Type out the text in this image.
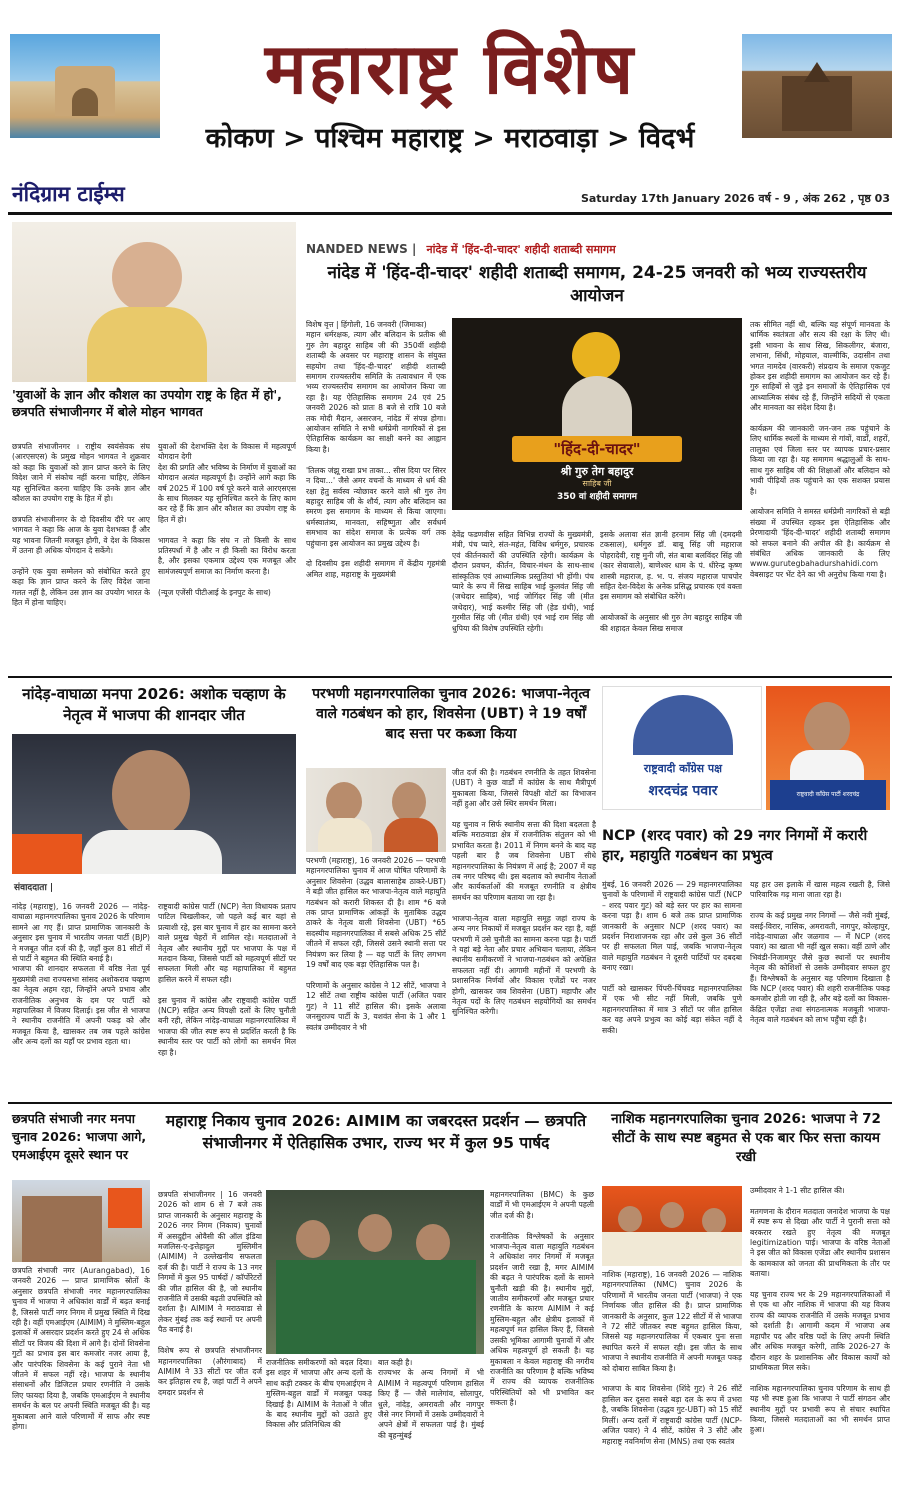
महाराष्ट्र विशेष
कोकण > पश्चिम महाराष्ट्र > मराठवाड़ा > विदर्भ
नंदिग्राम टाईम्स	Saturday 17th January 2026 वर्ष - 9 , अंक 262 , पृष्ठ 03
'युवाओं के ज्ञान और कौशल का उपयोग राष्ट्र के हित में हो', छत्रपति संभाजीनगर में बोले मोहन भागवत
छत्रपति संभाजीनगर । राष्ट्रीय स्वयंसेवक संघ (आरएसएस) के प्रमुख मोहन भागवत ने शुक्रवार को कहा कि युवाओं को ज्ञान प्राप्त करने के लिए विदेश जाने में संकोच नहीं करना चाहिए, लेकिन यह सुनिश्चित करना चाहिए कि उनके ज्ञान और कौशल का उपयोग राष्ट्र के हित में हो।

छत्रपति संभाजीनगर के दो दिवसीय दौरे पर आए भागवत ने कहा कि आज के युवा देशभक्त हैं और यह भावना जितनी मजबूत होगी, वे देश के विकास में उतना ही अधिक योगदान दे सकेंगे।

उन्होंने एक युवा सम्मेलन को संबोधित करते हुए कहा कि ज्ञान प्राप्त करने के लिए विदेश जाना गलत नहीं है, लेकिन उस ज्ञान का उपयोग भारत के हित में होना चाहिए।
युवाओं की देशभक्ति देश के विकास में महत्वपूर्ण योगदान देगी
देश की प्रगति और भविष्य के निर्माण में युवाओं का योगदान अत्यंत महत्वपूर्ण है। उन्होंने आगे कहा कि वर्ष 2025 में 100 वर्ष पूरे करने वाले आरएसएस के साथ मिलकर यह सुनिश्चित करने के लिए काम कर रहे हैं कि ज्ञान और कौशल का उपयोग राष्ट्र के हित में हो।

भागवत ने कहा कि संघ न तो किसी के साथ प्रतिस्पर्धा में है और न ही किसी का विरोध करता है, और इसका एकमात्र उद्देश्य एक मजबूत और सामंजस्यपूर्ण समाज का निर्माण करना है।

(न्यूज एजेंसी पीटीआई के इनपुट के साथ)
NANDED NEWS | नांदेड में 'हिंद-दी-चादर' शहीदी शताब्दी समागम
नांदेड में 'हिंद-दी-चादर' शहीदी शताब्दी समागम, 24-25 जनवरी को भव्य राज्यस्तरीय आयोजन
विशेष वृत्त | हिंगोली, 16 जनवरी (जिमाका)
महान धर्मरक्षक, त्याग और बलिदान के प्रतीक श्री गुरु तेग बहादुर साहिब जी की 350वीं शहीदी शताब्दी के अवसर पर महाराष्ट्र शासन के संयुक्त सहयोग तथा 'हिंद-दी-चादर' शहीदी शताब्दी समागम राज्यस्तरीय समिति के तत्वावधान में एक भव्य राज्यस्तरीय समागम का आयोजन किया जा रहा है। यह ऐतिहासिक समागम 24 एवं 25 जनवरी 2026 को प्रातः 8 बजे से रात्रि 10 बजे तक मोदी मैदान, असरजन, नांदेड में संपन्न होगा। आयोजन समिति ने सभी धर्मप्रेमी नागरिकों से इस ऐतिहासिक कार्यक्रम का साक्षी बनने का आह्वान किया है।

'तिलक जंझू राखा प्रभ ताका... सीस दिया पर सिरर न दिया...' जैसे अमर वचनों के माध्यम से धर्म की रक्षा हेतु सर्वस्व न्योछावर करने वाले श्री गुरु तेग बहादुर साहिब जी के शौर्य, त्याग और बलिदान का स्मरण इस समागम के माध्यम से किया जाएगा। धर्मस्वातंत्र्य, मानवता, सहिष्णुता और सर्वधर्म समभाव का संदेश समाज के प्रत्येक वर्ग तक पहुंचाना इस आयोजन का प्रमुख उद्देश्य है।

दो दिवसीय इस शहीदी समागम में केंद्रीय गृहमंत्री अमित शाह, महाराष्ट्र के मुख्यमंत्री
"हिंद-दी-चादर"
श्री गुरु तेग बहादुर
साहिब जी
350 वां शहीदी समागम
देवेंद्र फडणवीस सहित विभिन्न राज्यों के मुख्यमंत्री, मंत्री, पंच प्यारे, संत-महंत, विविध धर्मगुरु, प्रचारक एवं कीर्तनकारों की उपस्थिति रहेगी। कार्यक्रम के दौरान प्रवचन, कीर्तन, विचार-मंथन के साथ-साथ सांस्कृतिक एवं आध्यात्मिक प्रस्तुतियां भी होंगी। पंच प्यारे के रूप में सिख साहिब भाई कुलवंत सिंह जी (जथेदार साहिब), भाई जोगिंदर सिंह जी (मीत जथेदार), भाई कश्मीर सिंह जी (हेड ग्रंथी), भाई गुरमीत सिंह जी (मीत ग्रंथी) एवं भाई राम सिंह जी धुपिया की विशेष उपस्थिति रहेगी।
इसके अलावा संत ज्ञानी हरनाम सिंह जी (दमदमी टकसाल), धर्मगुरु डॉ. बाबू सिंह जी महाराज पोहरादेवी, राष्ट्र मुनी जी, संत बाबा बलविंदर सिंह जी (कार सेवावाले), बाणेश्वर धाम के पं. धीरेन्द्र कृष्ण शास्त्री महाराज, ह. भ. प. संजय महाराज पाचपोर सहित देश-विदेश के अनेक प्रसिद्ध प्रचारक एवं वक्ता इस समागम को संबोधित करेंगे।

आयोजकों के अनुसार श्री गुरु तेग बहादुर साहिब जी की शहादत केवल सिख समाज
तक सीमित नहीं थी, बल्कि यह संपूर्ण मानवता के धार्मिक स्वतंत्रता और सत्य की रक्षा के लिए थी। इसी भावना के साथ सिख, सिकलीगर, बंजारा, लभाना, सिंधी, मोहयाल, वाल्मीकि, उदासीन तथा भगत नामदेव (वारकरी) संप्रदाय के समाज एकजुट होकर इस शहीदी समागम का आयोजन कर रहे हैं। गुरु साहिबों से जुड़े इन समाजों के ऐतिहासिक एवं आध्यात्मिक संबंध रहे हैं, जिन्होंने सदियों से एकता और मानवता का संदेश दिया है।

कार्यक्रम की जानकारी जन-जन तक पहुंचाने के लिए धार्मिक स्थलों के माध्यम से गांवों, वार्डों, शहरों, तालुका एवं जिला स्तर पर व्यापक प्रचार-प्रसार किया जा रहा है। यह समागम श्रद्धालुओं के साथ-साथ गुरु साहिब जी की शिक्षाओं और बलिदान को भावी पीढ़ियों तक पहुंचाने का एक सशक्त प्रयास है।

आयोजन समिति ने समस्त धर्मप्रेमी नागरिकों से बड़ी संख्या में उपस्थित रहकर इस ऐतिहासिक और प्रेरणादायी 'हिंद-दी-चादर' शहीदी शताब्दी समागम को सफल बनाने की अपील की है। कार्यक्रम से संबंधित अधिक जानकारी के लिए www.gurutegbahadurshahidi.com वेबसाइट पर भेंट देने का भी अनुरोध किया गया है।
नांदेड़-वाघाळा मनपा 2026: अशोक चव्हाण के नेतृत्व में भाजपा की शानदार जीत
संवाददाता |
नांदेड़ (महाराष्ट्र), 16 जनवरी 2026 — नांदेड़-वाघाळा महानगरपालिका चुनाव 2026 के परिणाम सामने आ गए हैं। प्राप्त प्रामाणिक जानकारी के अनुसार इस चुनाव में भारतीय जनता पार्टी (BJP) ने मजबूत जीत दर्ज की है, जहाँ कुल 81 सीटों में से पार्टी ने बहुमत की स्थिति बनाई है।
भाजपा की शानदार सफलता में वरिष्ठ नेता पूर्व मुख्यमंत्री तथा राज्यसभा सांसद अशोकराव चव्हाण का नेतृत्व अहम रहा, जिन्होंने अपने प्रभाव और राजनीतिक अनुभव के दम पर पार्टी को महापालिका में विजय दिलाई। इस जीत से भाजपा ने स्थानीय राजनीति में अपनी पकड़ को और मजबूत किया है, खासकर तब जब पहले कांग्रेस और अन्य दलों का यहाँ पर प्रभाव रहता था।
राष्ट्रवादी कांग्रेस पार्टी (NCP) नेता विधायक प्रताप पाटिल चिखलीकर, जो पहले कई बार यहां से प्रत्याशी रहे, इस बार चुनाव में हार का सामना करने वाले प्रमुख चेहरों में शामिल रहे। मतदाताओं ने नेतृत्व और स्थानीय मुद्दों पर भाजपा के पक्ष में मतदान किया, जिससे पार्टी को महत्वपूर्ण सीटों पर सफलता मिली और यह महापालिका में बहुमत हासिल करने में सफल रही।

इस चुनाव में कांग्रेस और राष्ट्रवादी कांग्रेस पार्टी (NCP) सहित अन्य विपक्षी दलों के लिए चुनौती बनी रही, लेकिन नांदेड़-वाघाळा महानगरपालिका में भाजपा की जीत स्पष्ट रूप से प्रदर्शित करती है कि स्थानीय स्तर पर पार्टी को लोगों का समर्थन मिल रहा है।
परभणी महानगरपालिका चुनाव 2026: भाजपा-नेतृत्व वाले गठबंधन को हार, शिवसेना (UBT) ने 19 वर्षों बाद सत्ता पर कब्जा किया
परभणी (महाराष्ट्र), 16 जनवरी 2026 — परभणी महानगरपालिका चुनाव में आज घोषित परिणामों के अनुसार शिवसेना (उद्धव बालासाहेब ठाकरे-UBT) ने बड़ी जीत हासिल कर भाजपा-नेतृत्व वाले महायुति गठबंधन को करारी शिकस्त दी है। शाम *6 बजे तक प्राप्त प्रामाणिक आंकड़ों के मुताबिक उद्धव ठाकरे के नेतृत्व वाली शिवसेना (UBT) *65 सदस्यीय महानगरपालिका में सबसे अधिक 25 सीटें जीतने में सफल रही, जिससे उसने स्थानी सत्ता पर नियंत्रण कर लिया है — यह पार्टी के लिए लगभग 19 वर्षों बाद एक बड़ा ऐतिहासिक पल है।

परिणामों के अनुसार कांग्रेस ने 12 सीटें, भाजपा ने 12 सीटें तथा राष्ट्रीय कांग्रेस पार्टी (अजित पवार गुट) ने 11 सीटें हासिल की। इसके अलावा जनसुराज्य पार्टी के 3, यशवंत सेना के 1 और 1 स्वतंत्र उम्मीदवार ने भी
जीत दर्ज की है। गठबंधन रणनीति के तहत शिवसेना (UBT) ने कुछ वार्डों में कांग्रेस के साथ मैत्रीपूर्ण मुकाबला किया, जिससे विपक्षी वोटों का विभाजन नहीं हुआ और उसे स्थिर समर्थन मिला।

यह चुनाव न सिर्फ स्थानीय सत्ता की दिशा बदलता है बल्कि मराठवाडा क्षेत्र में राजनीतिक संतुलन को भी प्रभावित करता है। 2011 में निगम बनने के बाद यह पहली बार है जब शिवसेना UBT सीधे महानगरपालिका के नियंत्रण में आई है; 2007 में यह तब नगर परिषद थी। इस बदलाव को स्थानीय नेताओं और कार्यकर्ताओं की मजबूत रणनीति व क्षेत्रीय समर्थन का परिणाम बताया जा रहा है।

भाजपा-नेतृत्व वाला महायुति समूह जहां राज्य के अन्य नगर निकायों में मजबूत प्रदर्शन कर रहा है, वहीं परभणी में उसे चुनौती का सामना करना पड़ा है। पार्टी ने यहां बड़े नेता और प्रचार अभियान चलाया, लेकिन स्थानीय समीकरणों ने भाजपा-गठबंधन को अपेक्षित सफलता नहीं दी। आगामी महीनों में परभणी के प्रशासनिक निर्णयों और विकास एजेंडों पर नजर होगी, खासकर जब शिवसेना (UBT) महापौर और नेतृत्व पदों के लिए गठबंधन सहयोगियों का समर्थन सुनिश्चित करेगी।
राष्ट्रवादी काँग्रेस पक्ष
शरदचंद्र पवार	राष्ट्रवादी काँग्रेस पार्टी शरदचंद्र
NCP (शरद पवार) को 29 नगर निगमों में करारी हार, महायुति गठबंधन का प्रभुत्व
मुंबई, 16 जनवरी 2026 — 29 महानगरपालिका चुनावों के परिणामों में राष्ट्रवादी कांग्रेस पार्टी (NCP – शरद पवार गुट) को बड़े स्तर पर हार का सामना करना पड़ा है। शाम 6 बजे तक प्राप्त प्रामाणिक जानकारी के अनुसार NCP (शरद पवार) का प्रदर्शन निराशाजनक रहा और उसे कुल 36 सीटों पर ही सफलता मिल पाई, जबकि भाजपा-नेतृत्व वाले महायुति गठबंधन ने दूसरी पार्टियों पर दबदबा बनाए रखा।

पार्टी को खासकर पिंपरी-चिंचवड महानगरपालिका में एक भी सीट नहीं मिली, जबकि पुणे महानगरपालिका में मात्र 3 सीटों पर जीत हासिल कर वह अपने प्रभुत्व का कोई बड़ा संकेत नहीं दे सकी।
यह हार उस इलाके में खास महत्व रखती है, जिसे पारिवारिक गढ़ माना जाता रहा है।

राज्य के कई प्रमुख नगर निगमों — जैसे नवी मुंबई, वसई-विरार, नासिक, अमरावती, नागपुर, कोल्हापुर, नांदेड़-वाघाळा और जळगाव — में NCP (शरद पवार) का खाता भी नहीं खुल सका। वहीं ठाणे और भिवंडी-निजामपुर जैसे कुछ स्थानों पर स्थानीय नेतृत्व की कोशिशों से उसके उम्मीदवार सफल हुए हैं। विश्लेषकों के अनुसार यह परिणाम दिखाता है कि NCP (शरद पवार) की शहरी राजनीतिक पकड़ कमजोर होती जा रही है, और बड़े दलों का विकास-केंद्रित एजेंडा तथा संगठनात्मक मजबूती भाजपा-नेतृत्व वाले गठबंधन को लाभ पहुँचा रही है।
छत्रपति संभाजी नगर मनपा चुनाव 2026: भाजपा आगे, एमआईएम दूसरे स्थान पर
छत्रपति संभाजी नगर (Aurangabad), 16 जनवरी 2026 — प्राप्त प्रामाणिक स्रोतों के अनुसार छत्रपति संभाजी नगर महानगरपालिका चुनाव में भाजपा ने अधिकांश वार्डों में बढ़त बनाई है, जिससे पार्टी नगर निगम में प्रमुख स्थिति में दिख रही है। वहीं एमआईएम (AIMIM) ने मुस्लिम-बहुल इलाकों में असरदार प्रदर्शन करते हुए 24 से अधिक सीटों पर विजय की दिशा में आगे है। दोनों शिवसेना गुटों का प्रभाव इस बार कमजोर नजर आया है, और पारंपरिक शिवसेना के कई पुराने नेता भी जीतने में सफल नहीं रहे। भाजपा के स्थानीय संसाधनों और डिजिटल प्रचार रणनीति ने उसके लिए फायदा दिया है, जबकि एमआईएम ने स्थानीय समर्थन के बल पर अपनी स्थिति मजबूत की है। यह मुकाबला आने वाले परिणामों में साफ और स्पष्ट होगा।
महाराष्ट्र निकाय चुनाव 2026: AIMIM का जबरदस्त प्रदर्शन — छत्रपति संभाजीनगर में ऐतिहासिक उभार, राज्य भर में कुल 95 पार्षद
छत्रपति संभाजीनगर | 16 जनवरी 2026 को शाम 6 से 7 बजे तक प्राप्त जानकारी के अनुसार महाराष्ट्र के 2026 नगर निगम (निकाय) चुनावों में असदुद्दीन ओवैसी की ऑल इंडिया मजलिस-ए-इत्तेहादुल मुस्लिमीन (AIMIM) ने उल्लेखनीय सफलता दर्ज की है। पार्टी ने राज्य के 13 नगर निगमों में कुल 95 पार्षदों / कॉर्पोरेटरों की जीत हासिल की है, जो स्थानीय राजनीति में उसकी बढ़ती उपस्थिति को दर्शाता है। AIMIM ने मराठवाडा से लेकर मुंबई तक कई स्थानों पर अपनी पैठ बनाई है।

विशेष रूप से छत्रपति संभाजीनगर महानगरपालिका (औरंगाबाद) में AIMIM ने 33 सीटों पर जीत दर्ज कर इतिहास रच है, जहां पार्टी ने अपने दमदार प्रदर्शन से
राजनीतिक समीकरणों को बदल दिया। इस शहर में भाजपा और अन्य दलों के साथ कड़ी टक्कर के बीच एमआईएम ने मुस्लिम-बहुल वार्डों में मजबूत पकड़ दिखाई है। AIMIM के नेताओं ने जीत के बाद स्थानीय मुद्दों को उठाते हुए विकास और प्रतिनिधित्व की
बात कही है।
राज्यभर के अन्य निगमों में भी AIMIM ने महत्वपूर्ण परिणाम हासिल किए हैं — जैसे मालेगांव, सोलापुर, धुले, नांदेड़, अमरावती और नागपुर जैसे नगर निगमों में उसके उम्मीदवारों ने अपने क्षेत्रों में सफलता पाई है। मुंबई की बृहन्मुंबई
महानगरपालिका (BMC) के कुछ वार्डों में भी एमआईएम ने अपनी पहली जीत दर्ज की है।

राजनीतिक विश्लेषकों के अनुसार भाजपा-नेतृत्व वाला महायुति गठबंधन ने अधिकांश नगर निगमों में मजबूत प्रदर्शन जारी रखा है, मगर AIMIM की बढ़त ने पारंपरिक दलों के सामने चुनौती खड़ी की है। स्थानीय मुद्दों, जातीय समीकरणों और मजबूत प्रचार रणनीति के कारण AIMIM ने कई मुस्लिम-बहुल और क्षेत्रीय इलाकों में महत्वपूर्ण मत हासिल किए हैं, जिससे उसकी भूमिका आगामी चुनावों में और अधिक महत्वपूर्ण हो सकती है। यह मुकाबला न केवल महाराष्ट्र की नगरीय राजनीति का परिणाम है बल्कि भविष्य में राज्य की व्यापक राजनीतिक परिस्थितियों को भी प्रभावित कर सकता है।
नाशिक महानगरपालिका चुनाव 2026: भाजपा ने 72 सीटों के साथ स्पष्ट बहुमत से एक बार फिर सत्ता कायम रखी
नाशिक (महाराष्ट्र), 16 जनवरी 2026 — नाशिक महानगरपालिका (NMC) चुनाव 2026 के परिणामों में भारतीय जनता पार्टी (भाजपा) ने एक निर्णायक जीत हासिल की है। प्राप्त प्रामाणिक जानकारी के अनुसार, कुल 122 सीटों में से भाजपा ने 72 सीटें जीतकर स्पष्ट बहुमत हासिल किया, जिससे यह महानगरपालिका में एकबार पुनः सत्ता स्थापित करने में सफल रही। इस जीत के साथ भाजपा ने स्थानीय राजनीति में अपनी मजबूत पकड़ को दोबारा साबित किया है।

भाजपा के बाद शिवसेना (शिंदे गुट) ने 26 सीटें हासिल कर दूसरा सबसे बड़ा दल के रूप में उभरा है, जबकि शिवसेना (उद्धव गुट-UBT) को 15 सीटें मिलीं। अन्य दलों में राष्ट्रवादी कांग्रेस पार्टी (NCP-अजित पवार) ने 4 सीटें, कांग्रेस ने 3 सीटें और महाराष्ट्र नवनिर्माण सेना (MNS) तथा एक स्वतंत्र
उम्मीदवार ने 1-1 सीट हासिल की।

मतगणना के दौरान मतदाता जनादेश भाजपा के पक्ष में स्पष्ट रूप से दिखा और पार्टी ने पुरानी सत्ता को बरकरार रखते हुए नेतृत्व की मजबूत legitimization पाई। भाजपा के वरिष्ठ नेताओं ने इस जीत को विकास एजेंडा और स्थानीय प्रशासन के कामकाज को जनता की प्राथमिकता के तौर पर बताया।

यह चुनाव राज्य भर के 29 महानगरपालिकाओं में से एक था और नाशिक में भाजपा की यह विजय राज्य की व्यापक राजनीति में उसके मजबूत प्रभाव को दर्शाती है। आगामी कदम में भाजपा अब महापौर पद और वरिष्ठ पदों के लिए अपनी स्थिति और अधिक मजबूत करेगी, ताकि 2026-27 के दौरान शहर के प्रशासनिक और विकास कार्यों को प्राथमिकता मिल सके।

नाशिक महानगरपालिका चुनाव परिणाम के साथ ही यह भी स्पष्ट हुआ कि भाजपा ने पार्टी संगठन और स्थानीय मुद्दों पर प्रभावी रूप से संचार स्थापित किया, जिससे मतदाताओं का भी समर्थन प्राप्त हुआ।
